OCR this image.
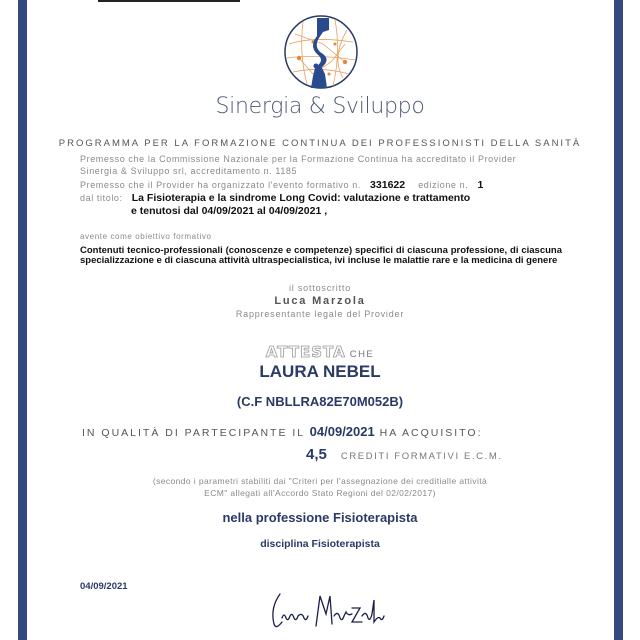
Sinergia & Sviluppo
PROGRAMMA PER LA FORMAZIONE CONTINUA DEI PROFESSIONISTI DELLA SANITÀ
Premesso che la Commissione Nazionale per la Formazione Continua ha accreditato il Provider
Sinergia & Sviluppo srl, accreditamento n. 1185
Premesso che il Provider ha organizzato l'evento formativo n. 331622 edizione n. 1
dal titolo: La Fisioterapia e la sindrome Long Covid: valutazione e trattamento
e tenutosi dal 04/09/2021 al 04/09/2021 ,
avente come obiettivo formativo
Contenuti tecnico-professionali (conoscenze e competenze) specifici di ciascuna professione, di ciascuna specializzazione e di ciascuna attività ultraspecialistica, ivi incluse le malattie rare e la medicina di genere
il sottoscritto
Luca Marzola
Rappresentante legale del Provider
ATTESTA CHE
LAURA NEBEL
(C.F NBLLRA82E70M052B)
IN QUALITÀ DI PARTECIPANTE IL 04/09/2021 HA ACQUISITO:
4,5 CREDITI FORMATIVI E.C.M.
(secondo i parametri stabiliti dai "Criteri per l'assegnazione dei creditialle attività
ECM" allegati all'Accordo Stato Regioni del 02/02/2017)
nella professione Fisioterapista
disciplina Fisioterapista
04/09/2021
